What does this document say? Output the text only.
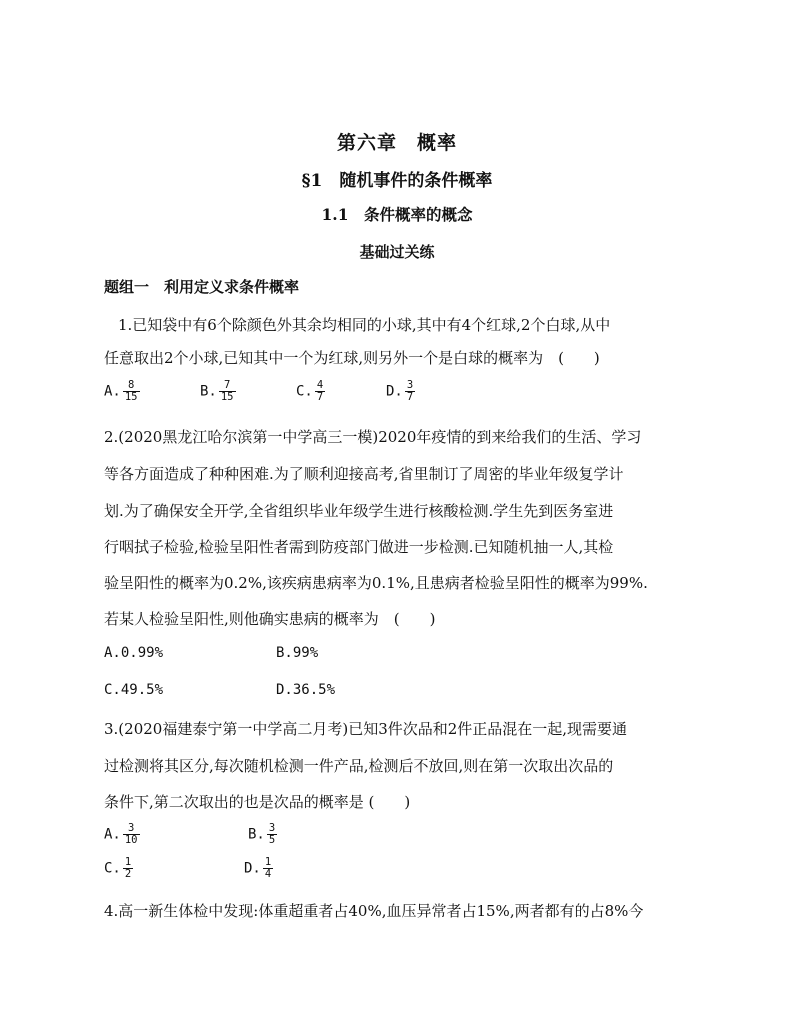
第六章　概率
§1　随机事件的条件概率
1.1　条件概率的概念
基础过关练
题组一　利用定义求条件概率
1.已知袋中有6个除颜色外其余均相同的小球,其中有4个红球,2个白球,从中
任意取出2个小球,已知其中一个为红球,则另外一个是白球的概率为　(　　)
A. $\frac{8}{15}$	B. $\frac{7}{15}$	C. $\frac{4}{7}$	D. $\frac{3}{7}$
2.(2020黑龙江哈尔滨第一中学高三一模)2020年疫情的到来给我们的生活、学习
等各方面造成了种种困难.为了顺利迎接高考,省里制订了周密的毕业年级复学计
划.为了确保安全开学,全省组织毕业年级学生进行核酸检测.学生先到医务室进
行咽拭子检验,检验呈阳性者需到防疫部门做进一步检测.已知随机抽一人,其检
验呈阳性的概率为0.2%,该疾病患病率为0.1%,且患病者检验呈阳性的概率为99%.
若某人检验呈阳性,则他确实患病的概率为　(　　)
A.0.99%	B.99%
C.49.5%	D.36.5%
3.(2020福建泰宁第一中学高二月考)已知3件次品和2件正品混在一起,现需要通
过检测将其区分,每次随机检测一件产品,检测后不放回,则在第一次取出次品的
条件下,第二次取出的也是次品的概率是 (　　)
A. $\frac{3}{10}$	B. $\frac{3}{5}$
C. $\frac{1}{2}$	D. $\frac{1}{4}$
4.高一新生体检中发现:体重超重者占40%,血压异常者占15%,两者都有的占8%今
